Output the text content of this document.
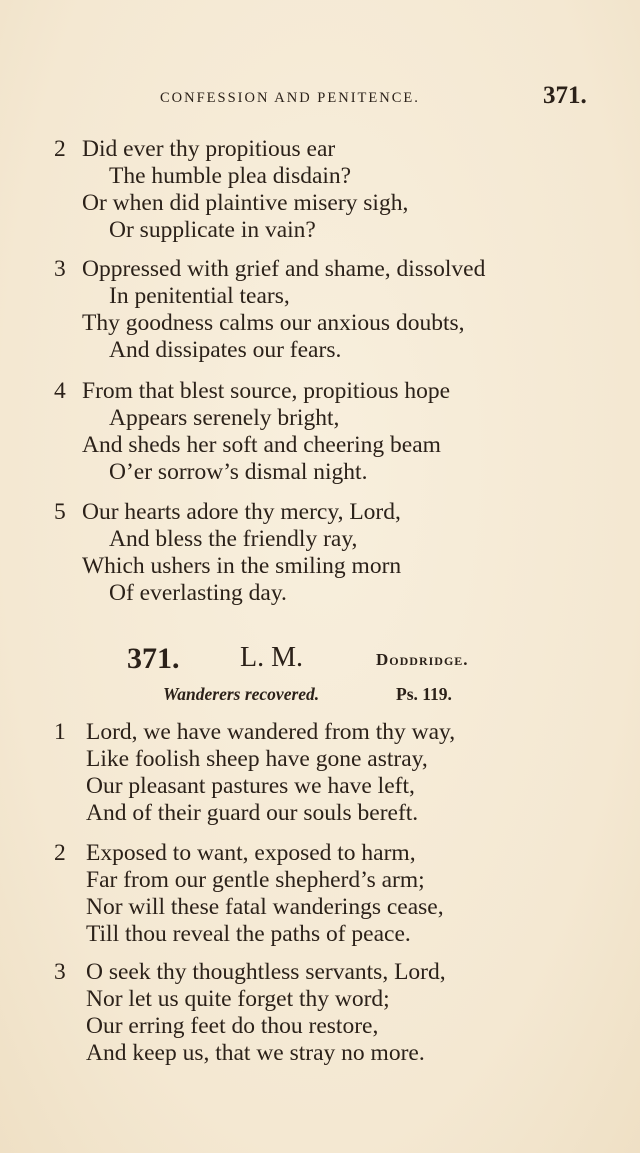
CONFESSION AND PENITENCE.	371.
2 Did ever thy propitious ear
The humble plea disdain?
Or when did plaintive misery sigh,
Or supplicate in vain?
3 Oppressed with grief and shame, dissolved
In penitential tears,
Thy goodness calms our anxious doubts,
And dissipates our fears.
4 From that blest source, propitious hope
Appears serenely bright,
And sheds her soft and cheering beam
O’er sorrow’s dismal night.
5 Our hearts adore thy mercy, Lord,
And bless the friendly ray,
Which ushers in the smiling morn
Of everlasting day.
371. L. M.	Doddridge.
Wanderers recovered.	Ps. 119.
1 Lord, we have wandered from thy way,
Like foolish sheep have gone astray,
Our pleasant pastures we have left,
And of their guard our souls bereft.
2 Exposed to want, exposed to harm,
Far from our gentle shepherd’s arm;
Nor will these fatal wanderings cease,
Till thou reveal the paths of peace.
3 O seek thy thoughtless servants, Lord,
Nor let us quite forget thy word;
Our erring feet do thou restore,
And keep us, that we stray no more.
